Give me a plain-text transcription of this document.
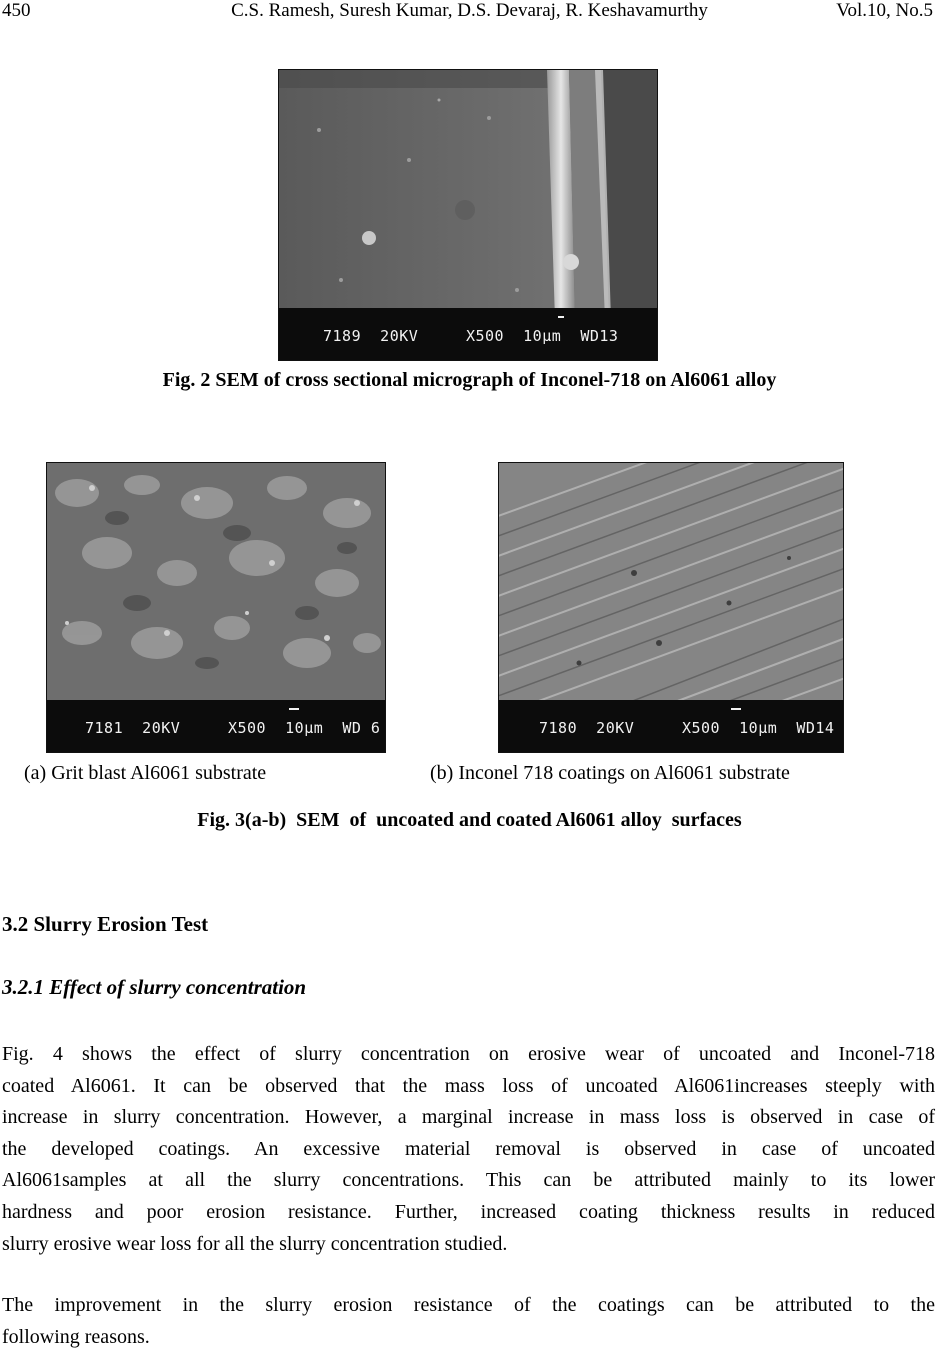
450	C.S. Ramesh, Suresh Kumar, D.S. Devaraj, R. Keshavamurthy	Vol.10, No.5
7189  20KV     X500  10µm  WD13
Fig. 2 SEM of cross sectional micrograph of Inconel-718 on Al6061 alloy
7181  20KV     X500  10µm  WD 6	7180  20KV     X500  10µm  WD14
(a) Grit blast Al6061 substrate	(b) Inconel 718 coatings on Al6061 substrate
Fig. 3(a-b)  SEM  of  uncoated and coated Al6061 alloy  surfaces
3.2 Slurry Erosion Test
3.2.1 Effect of slurry concentration
Fig. 4 shows the effect of slurry concentration on erosive wear of uncoated and Inconel-718
coated Al6061. It can be observed that the mass loss of uncoated Al6061increases steeply with
increase in slurry concentration. However, a marginal increase in mass loss is observed in case of
the developed coatings. An excessive material removal is observed in case of uncoated
Al6061samples at all the slurry concentrations. This can be attributed mainly to its lower
hardness and poor erosion resistance. Further, increased coating thickness results in reduced
slurry erosive wear loss for all the slurry concentration studied.
The improvement in the slurry erosion resistance of the coatings can be attributed to the
following reasons.
